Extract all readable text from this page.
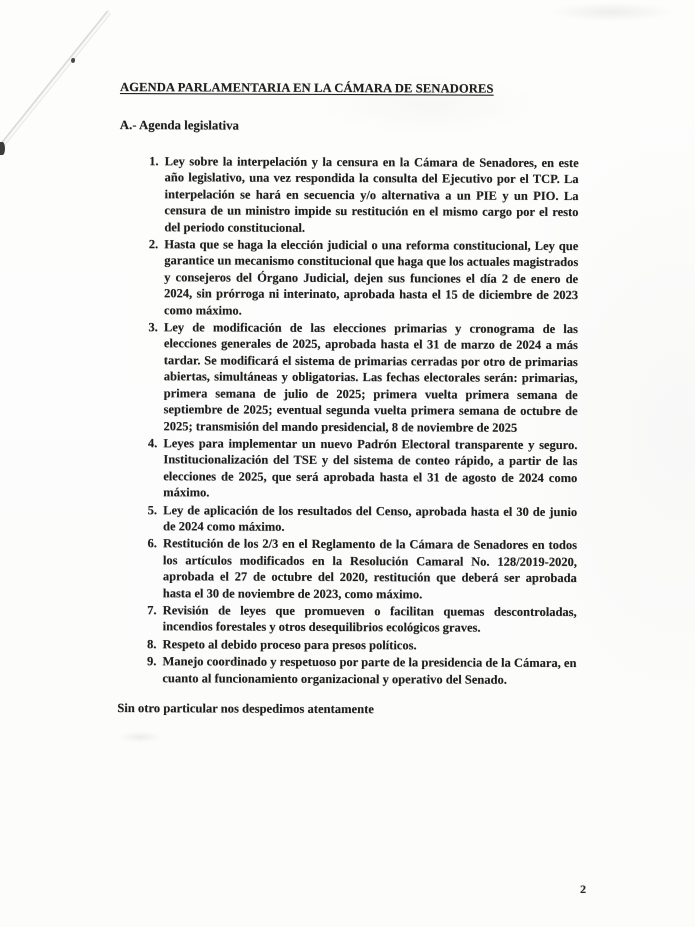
AGENDA PARLAMENTARIA EN LA CÁMARA DE SENADORES
A.- Agenda legislativa
1. Ley sobre la interpelación y la censura en la Cámara de Senadores, en este año legislativo, una vez respondida la consulta del Ejecutivo por el TCP. La interpelación se hará en secuencia y/o alternativa a un PIE y un PIO. La censura de un ministro impide su restitución en el mismo cargo por el resto del periodo constitucional.
2. Hasta que se haga la elección judicial o una reforma constitucional, Ley que garantice un mecanismo constitucional que haga que los actuales magistrados y consejeros del Órgano Judicial, dejen sus funciones el día 2 de enero de 2024, sin prórroga ni interinato, aprobada hasta el 15 de diciembre de 2023 como máximo.
3. Ley de modificación de las elecciones primarias y cronograma de las elecciones generales de 2025, aprobada hasta el 31 de marzo de 2024 a más tardar. Se modificará el sistema de primarias cerradas por otro de primarias abiertas, simultáneas y obligatorias. Las fechas electorales serán: primarias, primera semana de julio de 2025; primera vuelta primera semana de septiembre de 2025; eventual segunda vuelta primera semana de octubre de 2025; transmisión del mando presidencial, 8 de noviembre de 2025
4. Leyes para implementar un nuevo Padrón Electoral transparente y seguro. Institucionalización del TSE y del sistema de conteo rápido, a partir de las elecciones de 2025, que será aprobada hasta el 31 de agosto de 2024 como máximo.
5. Ley de aplicación de los resultados del Censo, aprobada hasta el 30 de junio de 2024 como máximo.
6. Restitución de los 2/3 en el Reglamento de la Cámara de Senadores en todos los artículos modificados en la Resolución Camaral No. 128/2019-2020, aprobada el 27 de octubre del 2020, restitución que deberá ser aprobada hasta el 30 de noviembre de 2023, como máximo.
7. Revisión de leyes que promueven o facilitan quemas descontroladas, incendios forestales y otros desequilibrios ecológicos graves.
8. Respeto al debido proceso para presos políticos.
9. Manejo coordinado y respetuoso por parte de la presidencia de la Cámara, en cuanto al funcionamiento organizacional y operativo del Senado.

Sin otro particular nos despedimos atentamente

2
